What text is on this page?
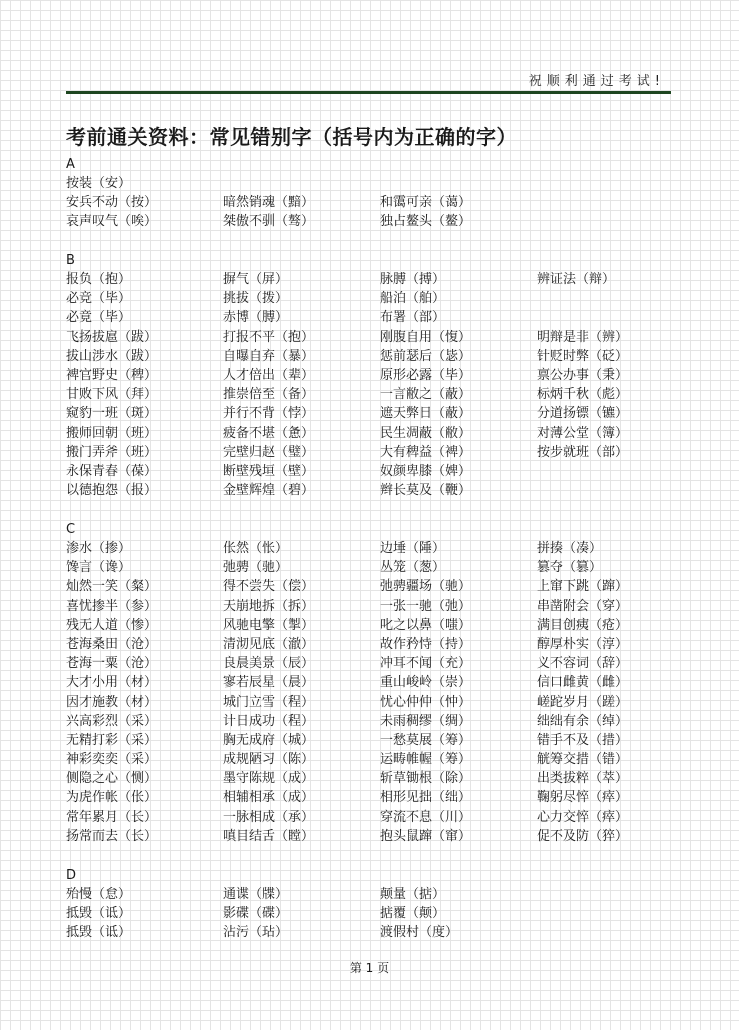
祝顺利通过考试!
考前通关资料：常见错别字（括号内为正确的字）
A
按装（安）
安兵不动（按）	暗然销魂（黯）	和霭可亲（蔼）
哀声叹气（唉）	桀傲不驯（骜）	独占鳌头（鳌）
B
报负（抱）	摒气（屏）	脉膊（搏）	辨证法（辩）
必竞（毕）	挑拔（拨）	船泊（舶）
必竟（毕）	赤博（膊）	布署（部）
飞扬拔扈（跋）	打报不平（抱）	刚腹自用（愎）	明辩是非（辨）
拔山涉水（跋）	自曝自弃（暴）	惩前瑟后（毖）	针贬时弊（砭）
裨官野史（稗）	人才倍出（辈）	原形必露（毕）	禀公办事（秉）
甘败下风（拜）	推崇倍至（备）	一言敝之（蔽）	标炳千秋（彪）
窥豹一班（斑）	并行不背（悖）	遮天弊日（蔽）	分道扬镖（镳）
搬师回朝（班）	疲备不堪（惫）	民生凋蔽（敝）	对薄公堂（簿）
搬门弄斧（班）	完壁归赵（璧）	大有稗益（裨）	按步就班（部）
永保青春（葆）	断壁残垣（壁）	奴颜卑膝（婢）
以德抱怨（报）	金壁辉煌（碧）	辫长莫及（鞭）
C
渗水（掺）	伥然（怅）	边埵（陲）	拼揍（凑）
馋言（谗）	弛骋（驰）	丛笼（葱）	篡夺（篡）
灿然一笑（粲）	得不尝失（偿）	弛骋疆场（驰）	上窜下跳（蹿）
喜忧掺半（参）	天崩地拆（拆）	一张一驰（弛）	串凿附会（穿）
残无人道（惨）	风驰电擎（掣）	叱之以鼻（嗤）	满目创痍（疮）
苍海桑田（沧）	清沏见底（澈）	故作矜恃（持）	醇厚朴实（淳）
苍海一粟（沧）	良晨美景（辰）	冲耳不闻（充）	义不容词（辞）
大才小用（材）	寥若辰星（晨）	重山峻岭（崇）	信口雌黄（雌）
因才施教（材）	城门立雪（程）	忧心仲仲（忡）	嵯跎岁月（蹉）
兴高彩烈（采）	计日成功（程）	未雨稠缪（绸）	绌绌有余（绰）
无精打彩（采）	胸无成府（城）	一愁莫展（筹）	错手不及（措）
神彩奕奕（采）	成规陋习（陈）	运畴帷幄（筹）	觥筹交措（错）
侧隐之心（恻）	墨守陈规（成）	斩草锄根（除）	出类拔粹（萃）
为虎作帐（伥）	相辅相承（成）	相形见拙（绌）	鞠躬尽悴（瘁）
常年累月（长）	一脉相成（承）	穿流不息（川）	心力交悴（瘁）
扬常而去（长）	嗔目结舌（瞠）	抱头鼠蹿（窜）	促不及防（猝）
D
殆慢（怠）	通谍（牒）	颠量（掂）
抵毁（诋）	影碟（碟）	掂覆（颠）
抵毁（诋）	沾污（玷）	渡假村（度）
第 1 页
